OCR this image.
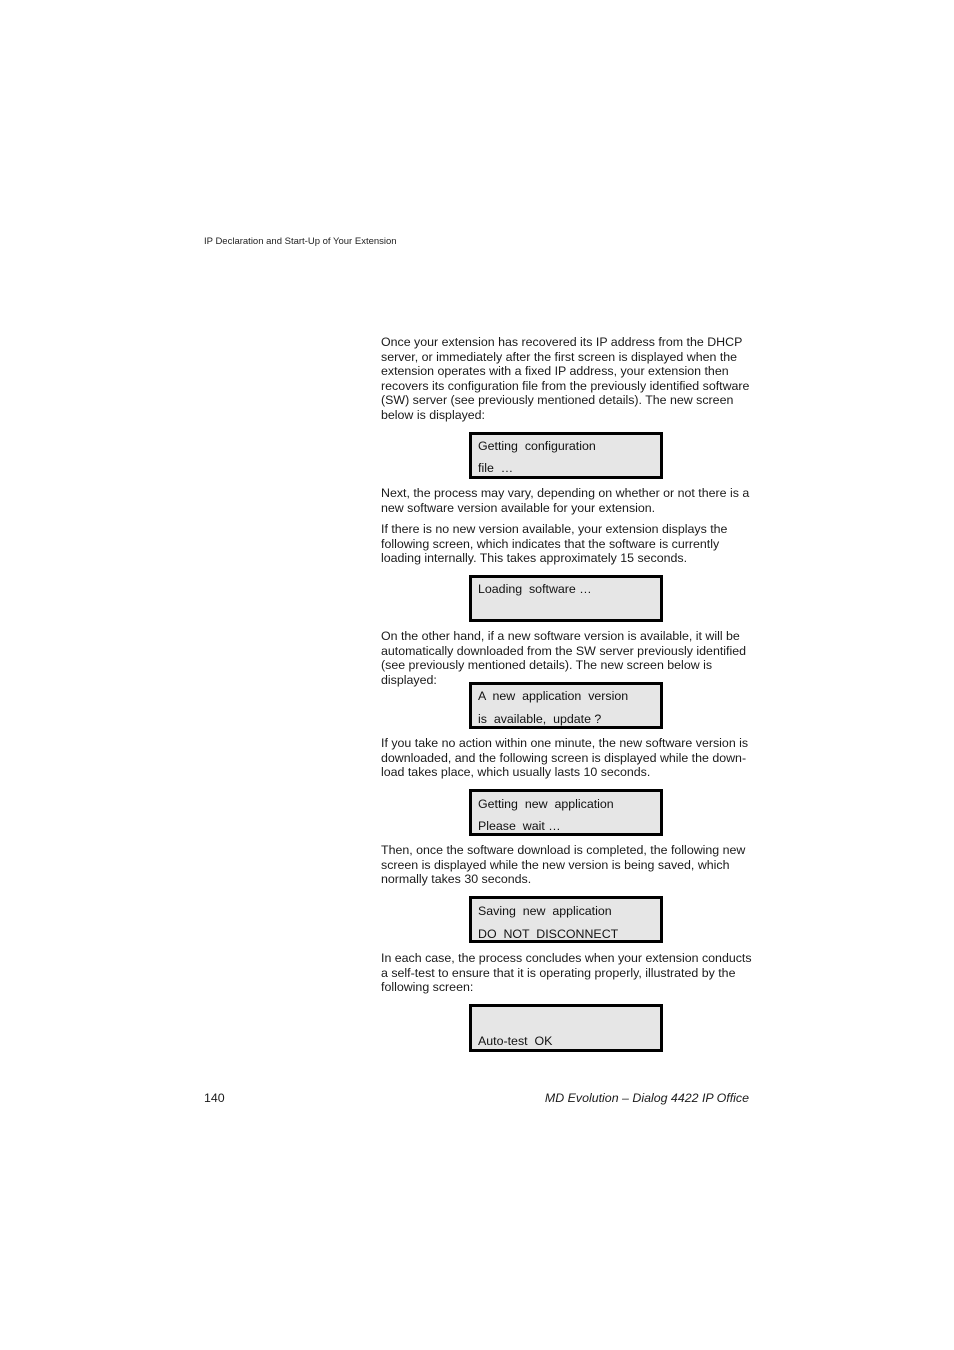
IP Declaration and Start-Up of Your Extension

Once your extension has recovered its IP address from the DHCP server, or immediately after the first screen is displayed when the extension operates with a fixed IP address, your extension then recovers its configuration file from the previously identified software (SW) server (see previously mentioned details). The new screen below is displayed:

Getting  configuration
file  …

Next, the process may vary, depending on whether or not there is a new software version available for your extension.

If there is no new version available, your extension displays the following screen, which indicates that the software is currently loading internally. This takes approximately 15 seconds.

Loading  software …

On the other hand, if a new software version is available, it will be automatically downloaded from the SW server previously identified (see previously mentioned details). The new screen below is displayed:

A  new  application  version
is  available,  update ?

If you take no action within one minute, the new software version is downloaded, and the following screen is displayed while the down-load takes place, which usually lasts 10 seconds.

Getting  new  application
Please  wait …

Then, once the software download is completed, the following new screen is displayed while the new version is being saved, which normally takes 30 seconds.

Saving  new  application
DO  NOT  DISCONNECT

In each case, the process concludes when your extension conducts a self-test to ensure that it is operating properly, illustrated by the following screen:

Auto-test  OK
140	MD Evolution – Dialog 4422 IP Office
